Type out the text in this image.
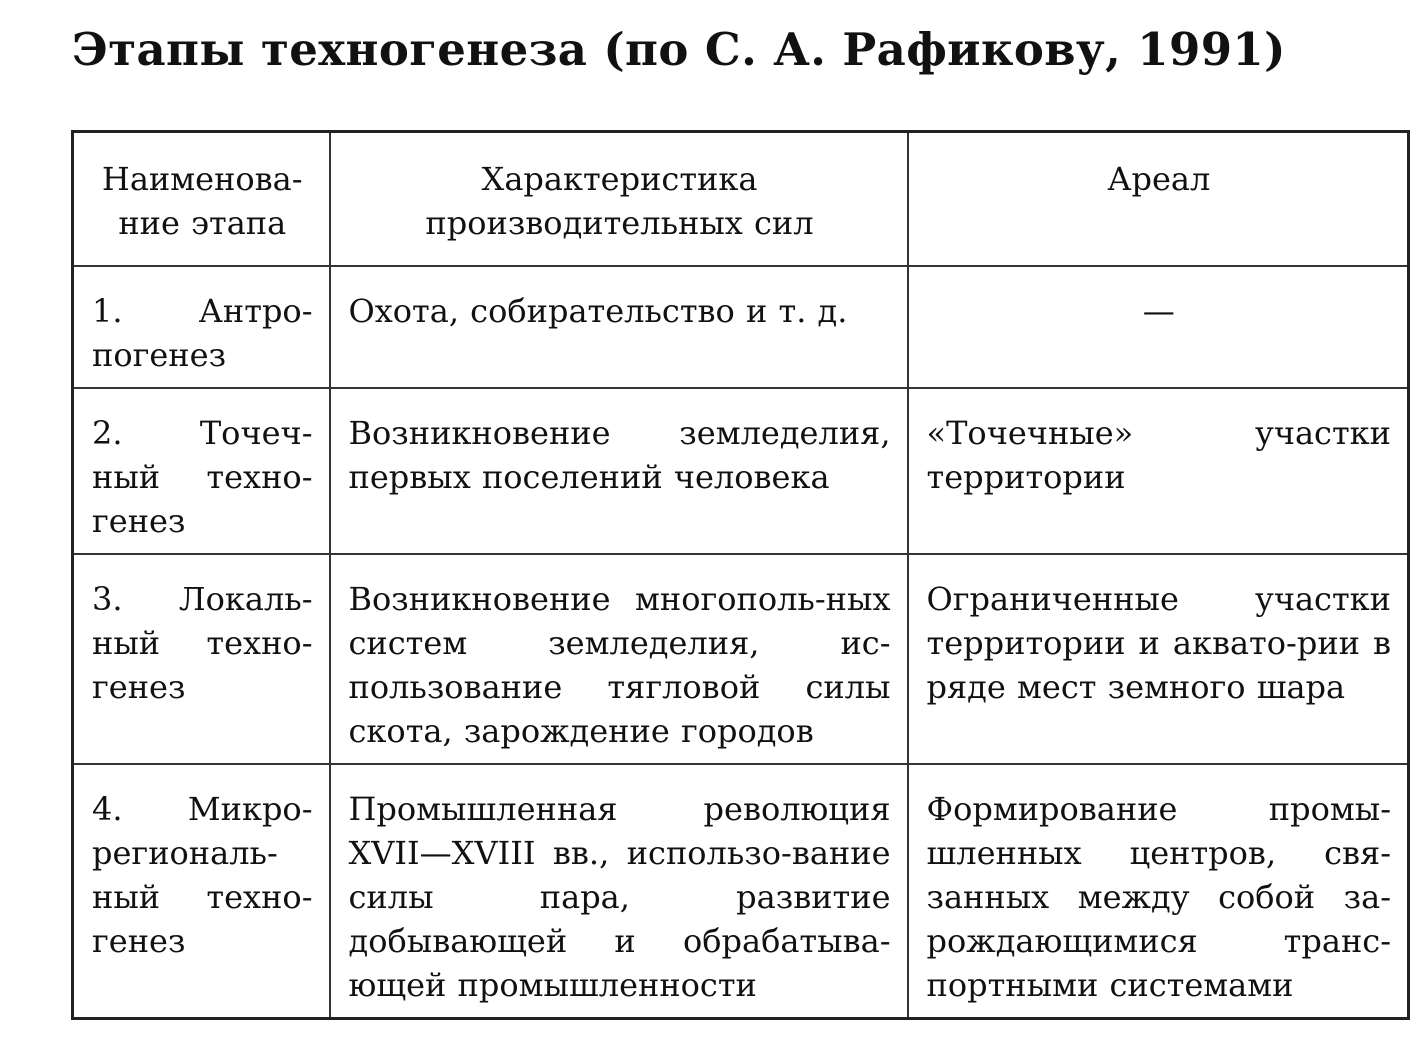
Этапы техногенеза (по С. А. Рафикову, 1991)
Наименова-ние этапа	Характеристика производительных сил	Ареал
1. Антро-погенез	Охота, собирательство и т. д.	—
2. Точеч-ный техно-генез	Возникновение земледелия, первых поселений человека	«Точечные» участки территории
3. Локаль-ный техно-генез	Возникновение многополь-ных систем земледелия, ис-пользование тягловой силы скота, зарождение городов	Ограниченные участки территории и аквато-рии в ряде мест земного шара
4. Микро-региональ-ный техно-генез	Промышленная революция XVII—XVIII вв., использо-вание силы пара, развитие добывающей и обрабатыва-ющей промышленности	Формирование промы-шленных центров, свя-занных между собой за-рождающимися транс-портными системами
